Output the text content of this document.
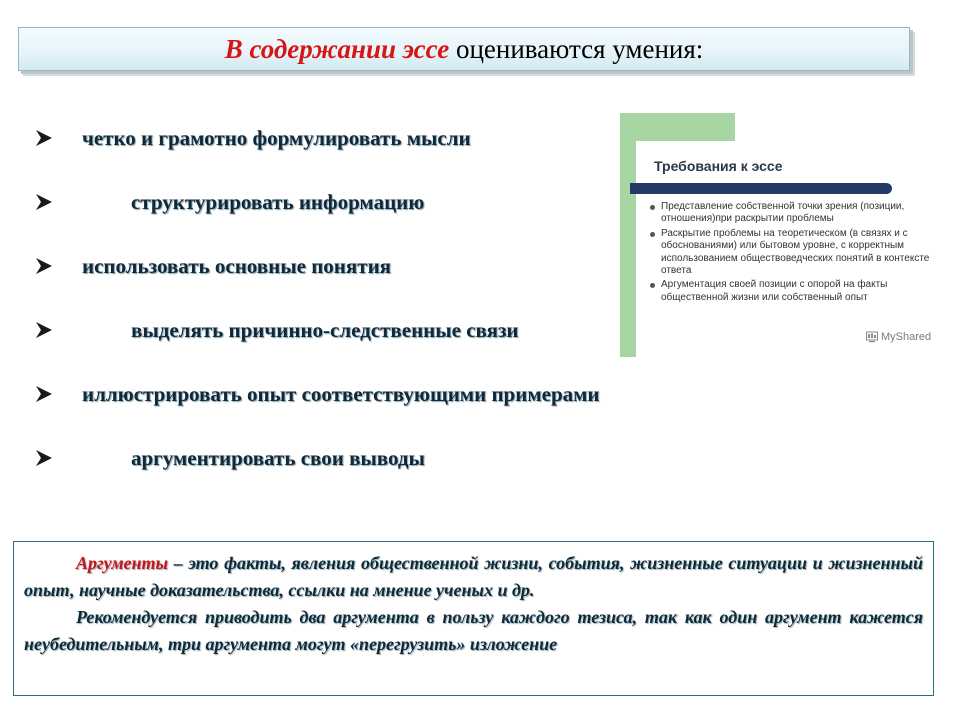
В содержании эссе оцениваются умения:
четко и грамотно формулировать мысли
структурировать информацию
использовать основные понятия
выделять причинно-следственные связи
иллюстрировать опыт соответствующими примерами
аргументировать свои выводы
Требования к эссе
Представление собственной точки зрения (позиции, отношения)при раскрытии проблемы
Раскрытие проблемы на теоретическом (в связях и с обоснованиями) или бытовом уровне, с корректным использованием обществоведческих понятий в контексте ответа
Аргументация своей позиции с опорой на факты общественной жизни или собственный опыт
MyShared

Аргументы – это факты, явления общественной жизни, события, жизненные ситуации и жизненный опыт, научные доказательства, ссылки на мнение ученых и др.

Рекомендуется приводить два аргумента в пользу каждого тезиса, так как один аргумент кажется неубедительным, три аргумента могут «перегрузить» изложение
